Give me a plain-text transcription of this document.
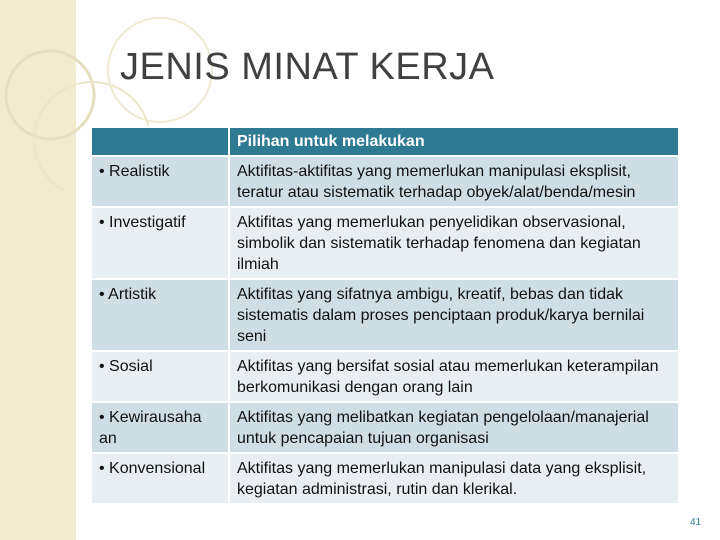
JENIS MINAT KERJA
	Pilihan untuk melakukan
• Realistik	Aktifitas-aktifitas yang memerlukan manipulasi eksplisit, teratur atau sistematik terhadap obyek/alat/benda/mesin
• Investigatif	Aktifitas yang memerlukan penyelidikan observasional, simbolik dan sistematik terhadap fenomena dan kegiatan ilmiah
• Artistik	Aktifitas yang sifatnya ambigu, kreatif, bebas dan tidak sistematis dalam proses penciptaan produk/karya bernilai seni
• Sosial	Aktifitas yang bersifat sosial atau memerlukan keterampilan berkomunikasi dengan orang lain
• Kewirausaha an	Aktifitas yang melibatkan kegiatan pengelolaan/manajerial untuk pencapaian tujuan organisasi
• Konvensional	Aktifitas yang memerlukan manipulasi data yang eksplisit, kegiatan administrasi, rutin dan klerikal.
41
